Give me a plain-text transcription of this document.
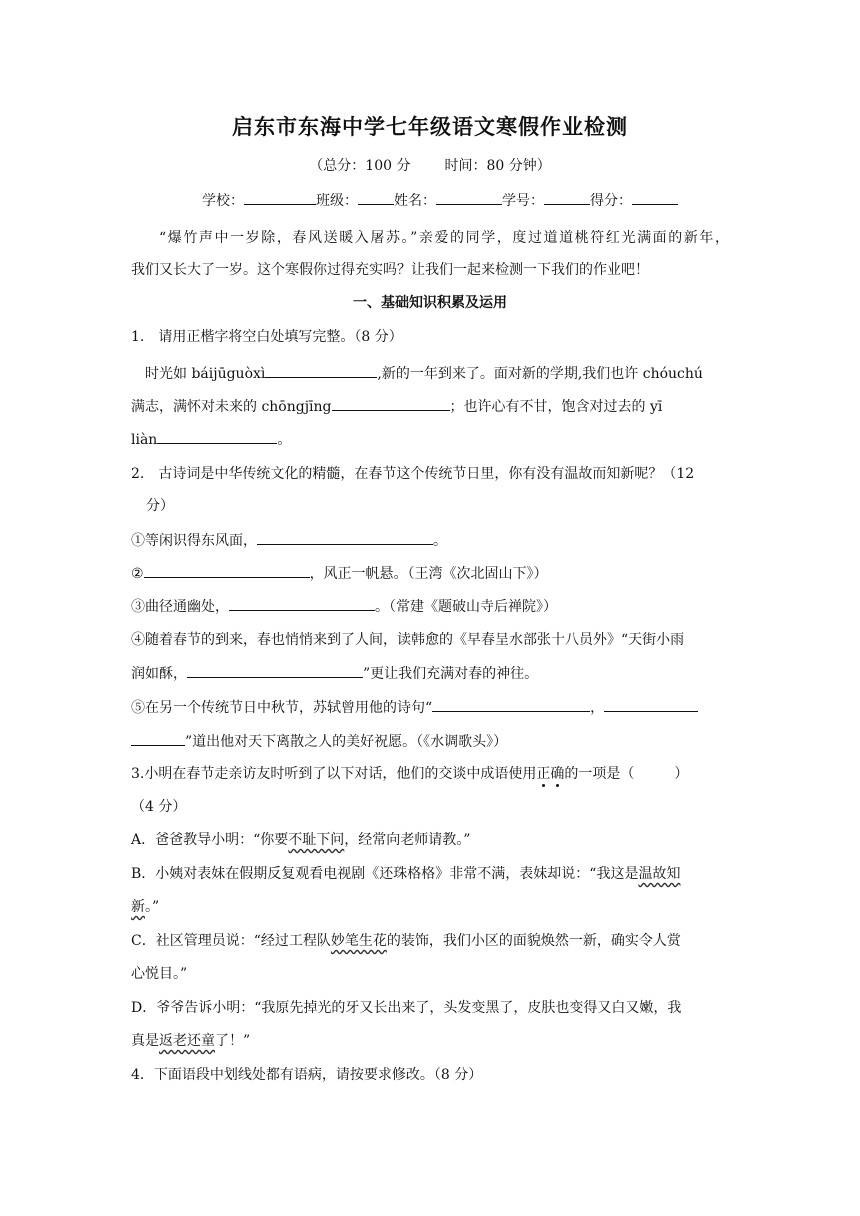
启东市东海中学七年级语文寒假作业检测
（总分：100 分 时间：80 分钟）
学校：	班级：	姓名：	学号：	得分：
“爆竹声中一岁除，春风送暖入屠苏。”亲爱的同学，度过道道桃符红光满面的新年，
我们又长大了一岁。这个寒假你过得充实吗？让我们一起来检测一下我们的作业吧！
一、基础知识积累及运用
1.　请用正楷字将空白处填写完整。（8 分）
时光如 báijūguòxì	,新的一年到来了。面对新的学期,我们也许 chóuchú
满志，满怀对未来的 chōngjīng	；也许心有不甘，饱含对过去的 yī
liàn	。
2.　古诗词是中华传统文化的精髓，在春节这个传统节日里，你有没有温故而知新呢？（12
分）
①等闲识得东风面，	。
②	，风正一帆悬。（王湾《次北固山下》）
③曲径通幽处，	。（常建《题破山寺后禅院》）
④随着春节的到来，春也悄悄来到了人间，读韩愈的《早春呈水部张十八员外》“天街小雨
润如酥，	”更让我们充满对春的神往。
⑤在另一个传统节日中秋节，苏轼曾用他的诗句“	，
”道出他对天下离散之人的美好祝愿。（《水调歌头》）
3.小明在春节走亲访友时听到了以下对话，他们的交谈中成语使用正确的一项是（	）
（4 分）
A．爸爸教导小明：“你要不耻下问，经常向老师请教。”
B．小姨对表妹在假期反复观看电视剧《还珠格格》非常不满，表妹却说：“我这是温故知
新。”
C．社区管理员说：“经过工程队妙笔生花的装饰，我们小区的面貌焕然一新，确实令人赏
心悦目。”
D．爷爷告诉小明：“我原先掉光的牙又长出来了，头发变黑了，皮肤也变得又白又嫩，我
真是返老还童了！”
4．下面语段中划线处都有语病，请按要求修改。（8 分）
